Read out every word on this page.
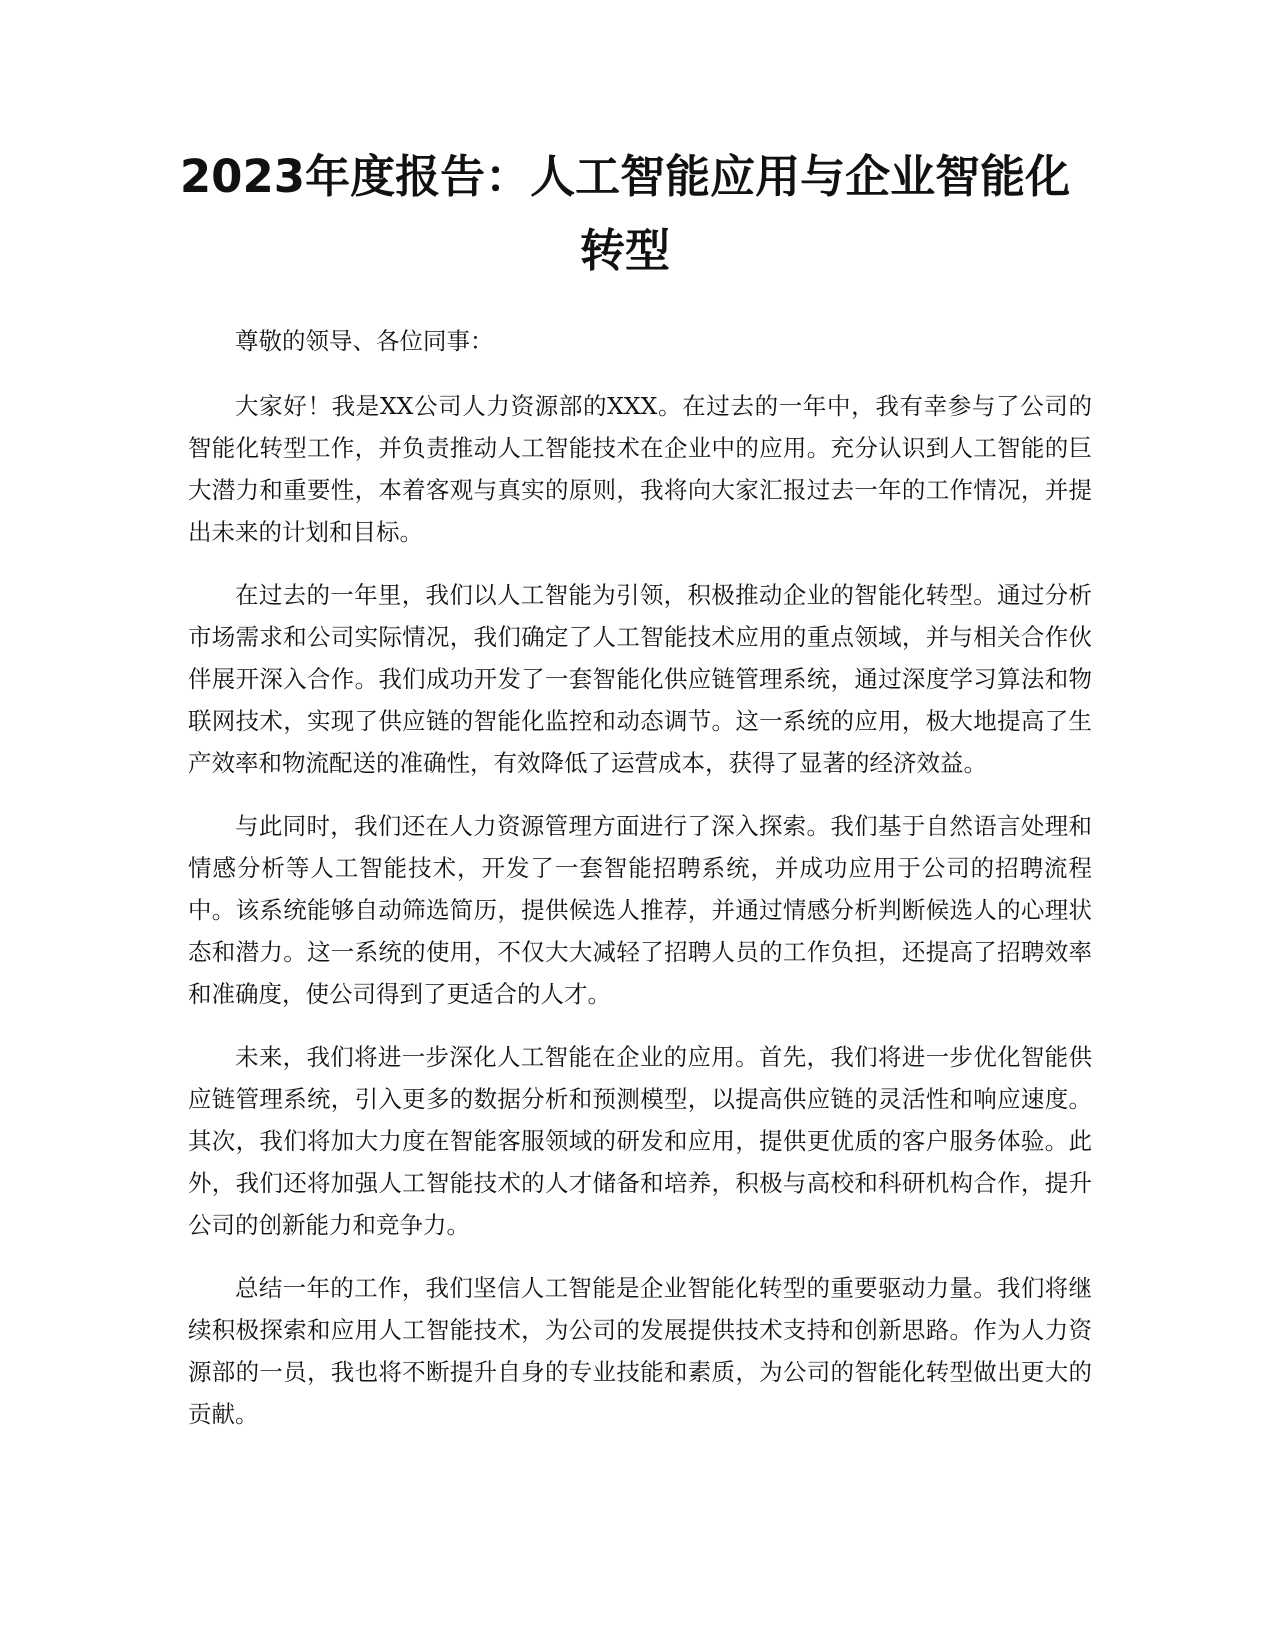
2023年度报告：人工智能应用与企业智能化转型

尊敬的领导、各位同事：

大家好！我是XX公司人力资源部的XXX。在过去的一年中，我有幸参与了公司的智能化转型工作，并负责推动人工智能技术在企业中的应用。充分认识到人工智能的巨大潜力和重要性，本着客观与真实的原则，我将向大家汇报过去一年的工作情况，并提出未来的计划和目标。

在过去的一年里，我们以人工智能为引领，积极推动企业的智能化转型。通过分析市场需求和公司实际情况，我们确定了人工智能技术应用的重点领域，并与相关合作伙伴展开深入合作。我们成功开发了一套智能化供应链管理系统，通过深度学习算法和物联网技术，实现了供应链的智能化监控和动态调节。这一系统的应用，极大地提高了生产效率和物流配送的准确性，有效降低了运营成本，获得了显著的经济效益。

与此同时，我们还在人力资源管理方面进行了深入探索。我们基于自然语言处理和情感分析等人工智能技术，开发了一套智能招聘系统，并成功应用于公司的招聘流程中。该系统能够自动筛选简历，提供候选人推荐，并通过情感分析判断候选人的心理状态和潜力。这一系统的使用，不仅大大减轻了招聘人员的工作负担，还提高了招聘效率和准确度，使公司得到了更适合的人才。

未来，我们将进一步深化人工智能在企业的应用。首先，我们将进一步优化智能供应链管理系统，引入更多的数据分析和预测模型，以提高供应链的灵活性和响应速度。其次，我们将加大力度在智能客服领域的研发和应用，提供更优质的客户服务体验。此外，我们还将加强人工智能技术的人才储备和培养，积极与高校和科研机构合作，提升公司的创新能力和竞争力。

总结一年的工作，我们坚信人工智能是企业智能化转型的重要驱动力量。我们将继续积极探索和应用人工智能技术，为公司的发展提供技术支持和创新思路。作为人力资源部的一员，我也将不断提升自身的专业技能和素质，为公司的智能化转型做出更大的贡献。
